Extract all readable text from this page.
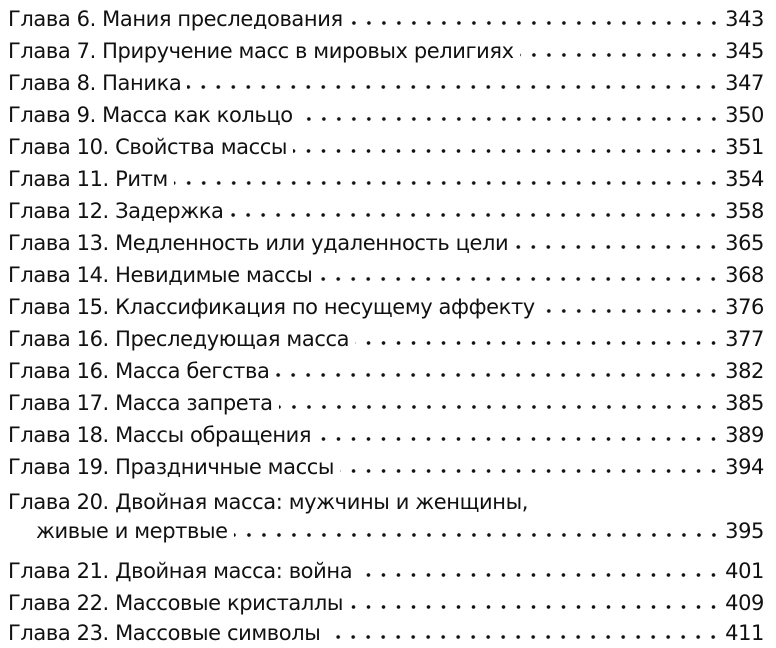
Глава 6. Мания преследования	343
Глава 7. Приручение масс в мировых религиях	345
Глава 8. Паника	347
Глава 9. Масса как кольцо	350
Глава 10. Свойства массы	351
Глава 11. Ритм	354
Глава 12. Задержка	358
Глава 13. Медленность или удаленность цели	365
Глава 14. Невидимые массы	368
Глава 15. Классификация по несущему аффекту	376
Глава 16. Преследующая масса	377
Глава 16. Масса бегства	382
Глава 17. Масса запрета	385
Глава 18. Массы обращения	389
Глава 19. Праздничные массы	394
Глава 20. Двойная масса: мужчины и женщины,
живые и мертвые	395
Глава 21. Двойная масса: война	401
Глава 22. Массовые кристаллы	409
Глава 23. Массовые символы	411
